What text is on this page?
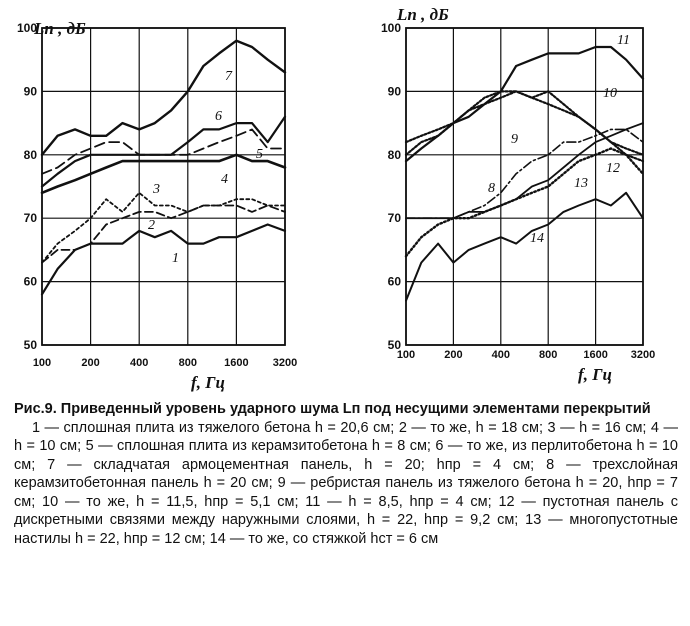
50
60
70
80
90
100
100	200	400	800 1600 3200
Lп , дБ
f, Гц
1
2
3
4
5
6
7
50
60
70
80
90
100
100	200	400	800 1600 3200
Lп , дБ
f, Гц
8
9
10
11
12
13
14

Рис.9. Приведенный уровень ударного шума Lп под несущими элементами перекрытий

1 — сплошная плита из тяжелого бетона h = 20,6 см; 2 — то же, h = 18 см; 3 — h = 16 см; 4 — h = 10 см; 5 — сплошная плита из керамзитобетона h = 8 см; 6 — то же, из перлитобетона h = 10 см; 7 — складчатая армоцементная панель, h = 20; hпр = 4 см; 8 — трехслойная керамзитобетонная панель h = 20 см; 9 — ребристая панель из тяжелого бетона h = 20, hпр = 7 см; 10 — то же, h = 11,5, hпр = 5,1 см; 11 — h = 8,5, hпр = 4 см; 12 — пустотная панель с дискретными связями между наружными слоями, h = 22, hпр = 9,2 см; 13 — многопустотные настилы h = 22, hпр = 12 см; 14 — то же, со стяжкой hст = 6 см
